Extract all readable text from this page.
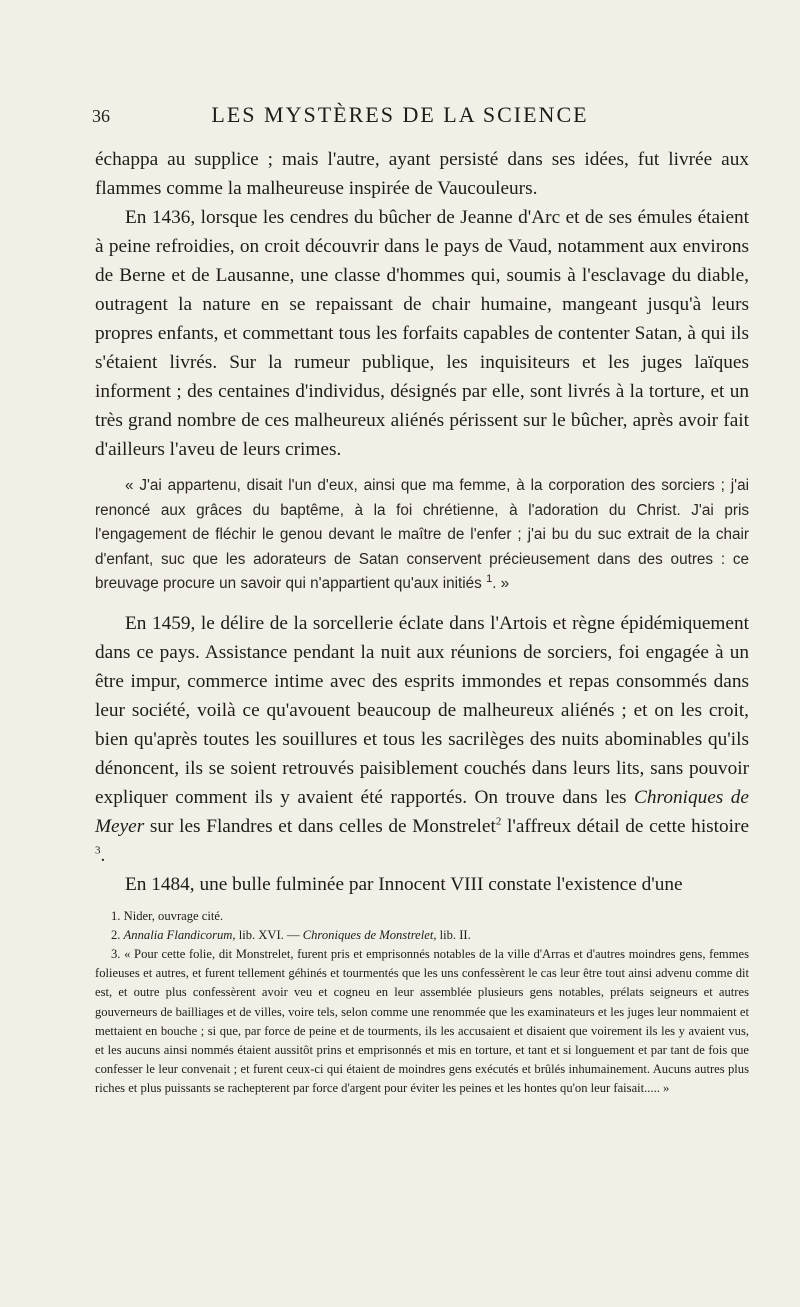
36	LES MYSTÈRES DE LA SCIENCE

échappa au supplice ; mais l'autre, ayant persisté dans ses idées, fut livrée aux flammes comme la malheureuse inspirée de Vaucouleurs.

En 1436, lorsque les cendres du bûcher de Jeanne d'Arc et de ses émules étaient à peine refroidies, on croit découvrir dans le pays de Vaud, notamment aux environs de Berne et de Lausanne, une classe d'hommes qui, soumis à l'esclavage du diable, outragent la nature en se repaissant de chair humaine, mangeant jusqu'à leurs propres enfants, et commettant tous les forfaits capables de contenter Satan, à qui ils s'étaient livrés. Sur la rumeur publique, les inquisiteurs et les juges laïques informent ; des centaines d'individus, désignés par elle, sont livrés à la torture, et un très grand nombre de ces malheureux aliénés périssent sur le bûcher, après avoir fait d'ailleurs l'aveu de leurs crimes.

« J'ai appartenu, disait l'un d'eux, ainsi que ma femme, à la corporation des sorciers ; j'ai renoncé aux grâces du baptême, à la foi chrétienne, à l'adoration du Christ. J'ai pris l'engagement de fléchir le genou devant le maître de l'enfer ; j'ai bu du suc extrait de la chair d'enfant, suc que les adorateurs de Satan conservent précieusement dans des outres : ce breuvage procure un savoir qui n'appartient qu'aux initiés $^1$. »

En 1459, le délire de la sorcellerie éclate dans l'Artois et règne épidémiquement dans ce pays. Assistance pendant la nuit aux réunions de sorciers, foi engagée à un être impur, commerce intime avec des esprits immondes et repas consommés dans leur société, voilà ce qu'avouent beaucoup de malheureux aliénés ; et on les croit, bien qu'après toutes les souillures et tous les sacrilèges des nuits abominables qu'ils dénoncent, ils se soient retrouvés paisiblement couchés dans leurs lits, sans pouvoir expliquer comment ils y avaient été rapportés. On trouve dans les Chroniques de Meyer sur les Flandres et dans celles de Monstrelet$^2$ l'affreux détail de cette histoire $^3$.

En 1484, une bulle fulminée par Innocent VIII constate l'existence d'une

1. Nider, ouvrage cité.

2. Annalia Flandicorum, lib. XVI. — Chroniques de Monstrelet, lib. II.

3. « Pour cette folie, dit Monstrelet, furent pris et emprisonnés notables de la ville d'Arras et d'autres moindres gens, femmes folieuses et autres, et furent tellement géhinés et tourmentés que les uns confessèrent le cas leur être tout ainsi advenu comme dit est, et outre plus confessèrent avoir veu et cogneu en leur assemblée plusieurs gens notables, prélats seigneurs et autres gouverneurs de bailliages et de villes, voire tels, selon comme une renommée que les examinateurs et les juges leur nommaient et mettaient en bouche ; si que, par force de peine et de tourments, ils les accusaient et disaient que voirement ils les y avaient vus, et les aucuns ainsi nommés étaient aussitôt prins et emprisonnés et mis en torture, et tant et si longuement et par tant de fois que confesser le leur convenait ; et furent ceux-ci qui étaient de moindres gens exécutés et brûlés inhumainement. Aucuns autres plus riches et plus puissants se rachepterent par force d'argent pour éviter les peines et les hontes qu'on leur faisait..... »
